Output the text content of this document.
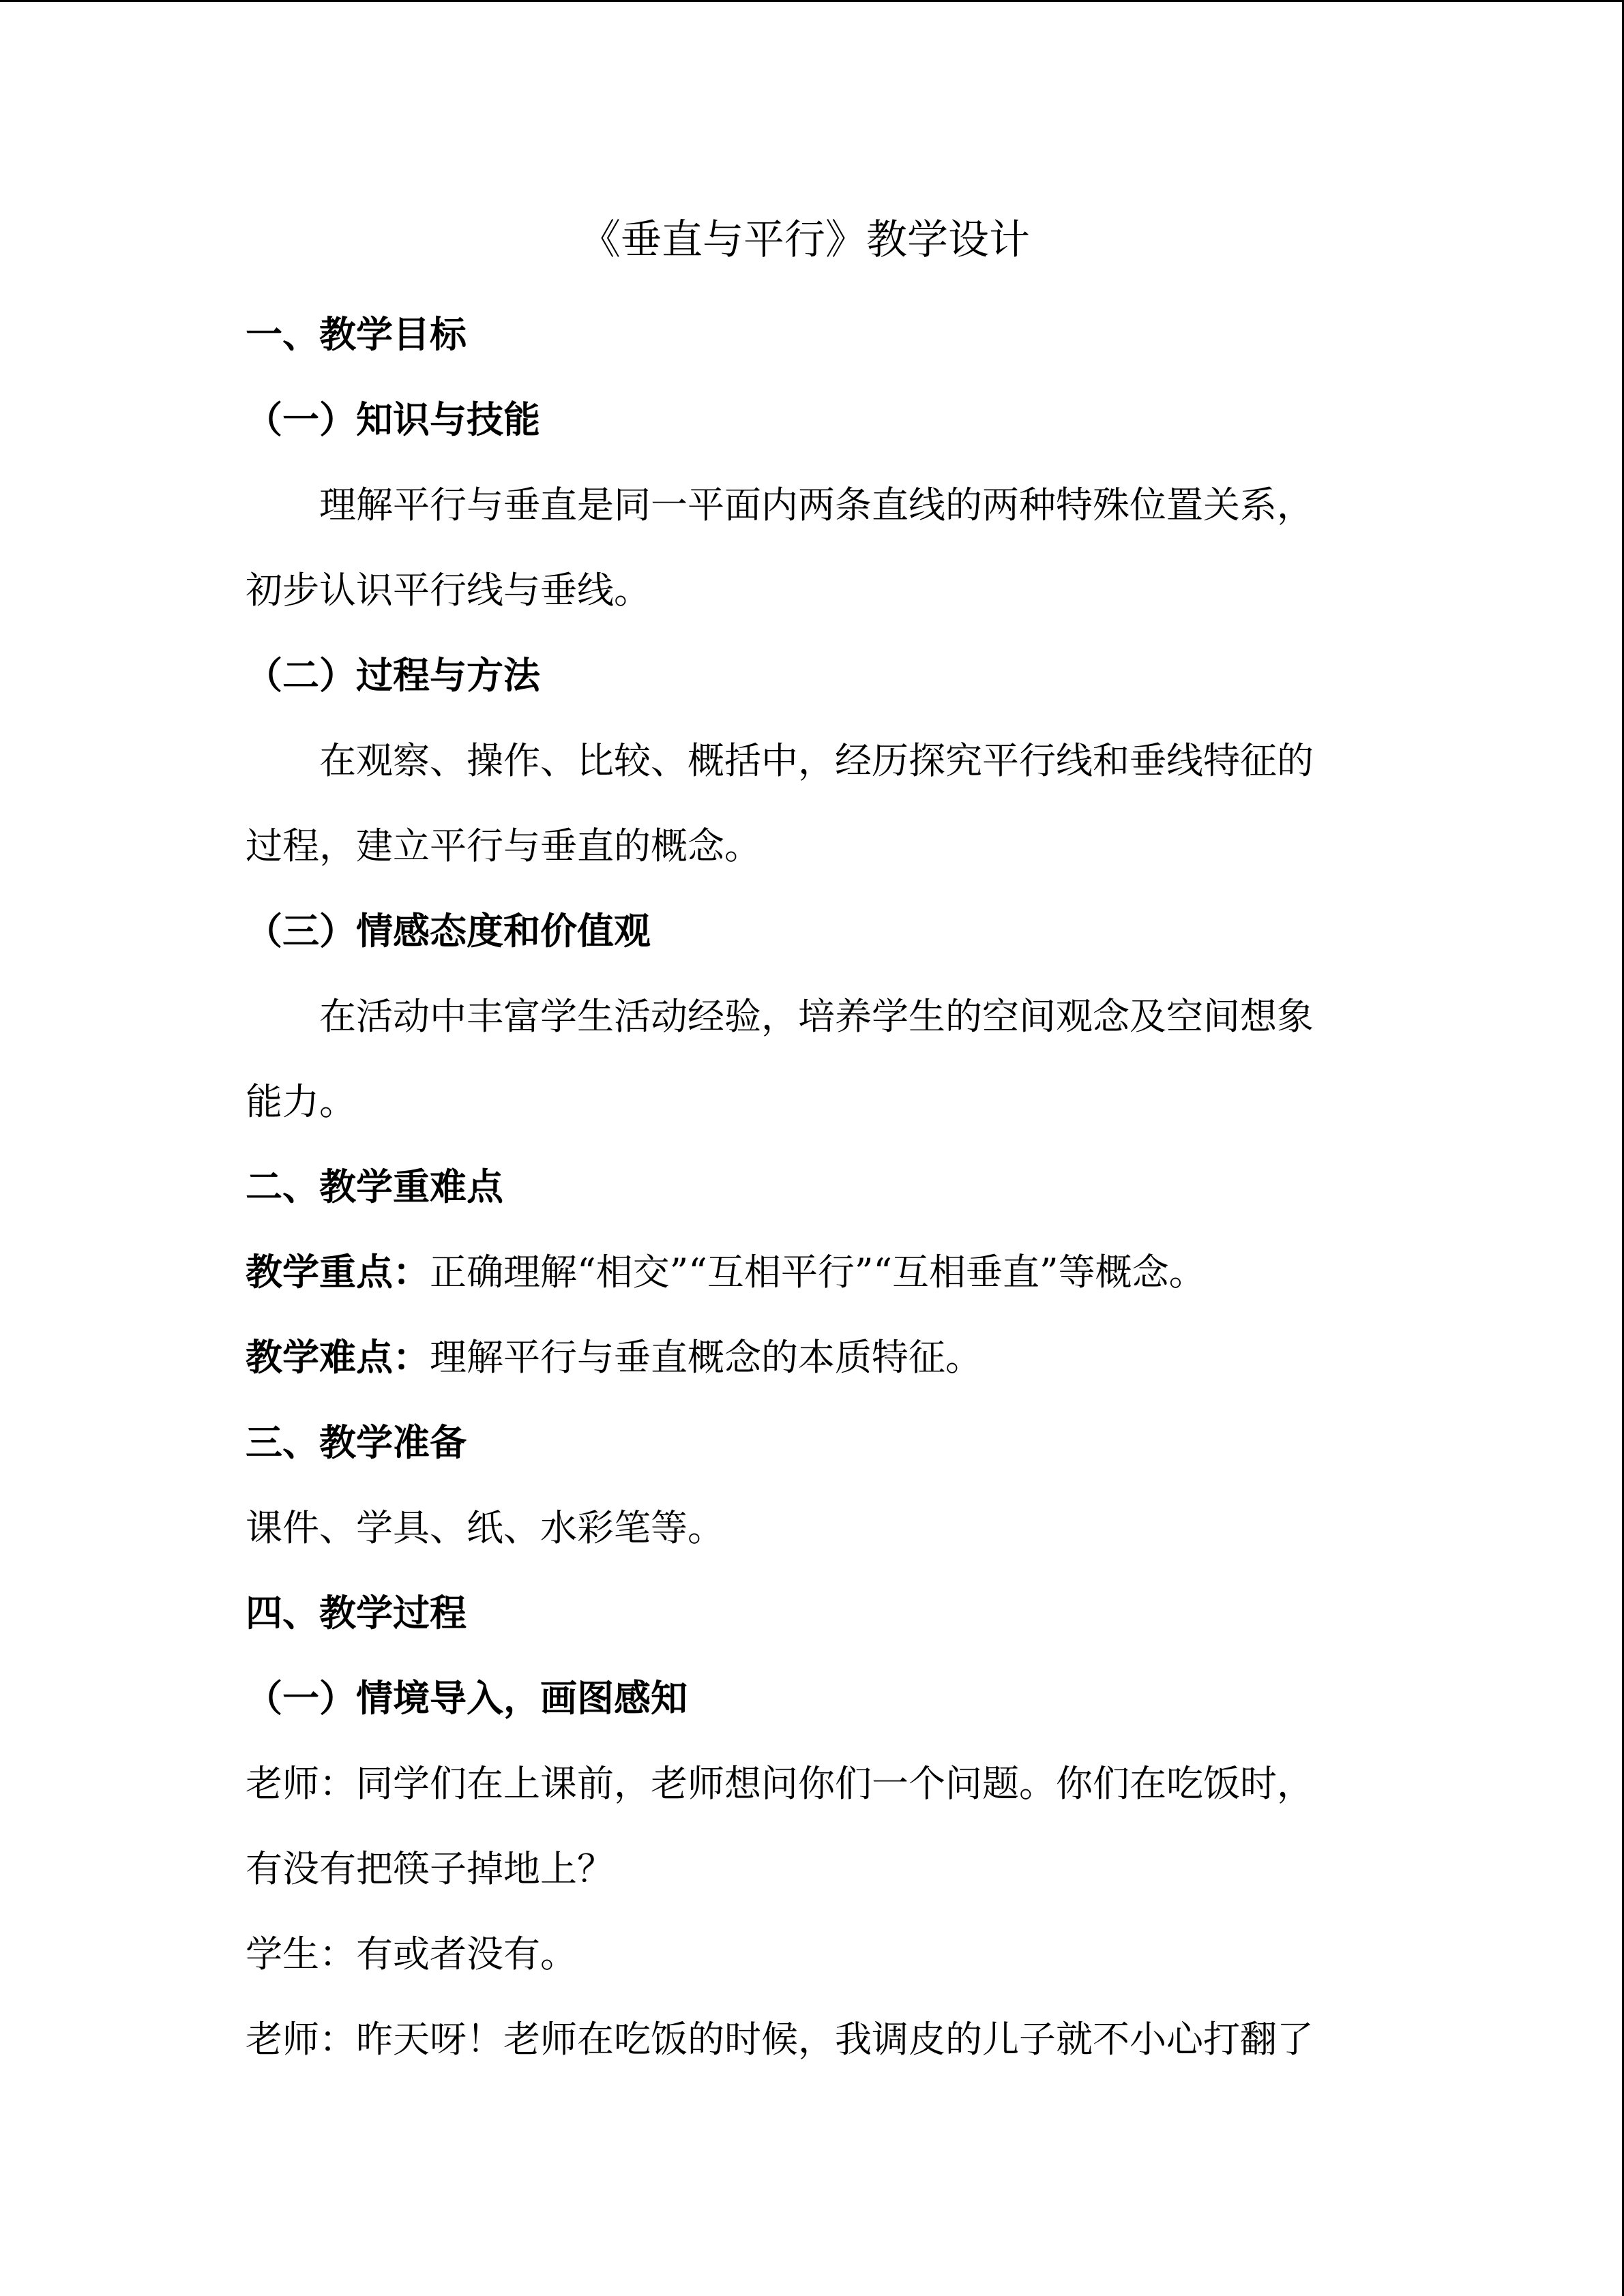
《垂直与平行》教学设计
一、教学目标
（一）知识与技能
理解平行与垂直是同一平面内两条直线的两种特殊位置关系，
初步认识平行线与垂线。
（二）过程与方法
在观察、操作、比较、概括中，经历探究平行线和垂线特征的
过程，建立平行与垂直的概念。
（三）情感态度和价值观
在活动中丰富学生活动经验，培养学生的空间观念及空间想象
能力。
二、教学重难点
教学重点：正确理解“相交”“互相平行”“互相垂直”等概念。
教学难点：理解平行与垂直概念的本质特征。
三、教学准备
课件、学具、纸、水彩笔等。
四、教学过程
（一）情境导入，画图感知
老师：同学们在上课前，老师想问你们一个问题。你们在吃饭时，
有没有把筷子掉地上？
学生：有或者没有。
老师：昨天呀！老师在吃饭的时候，我调皮的儿子就不小心打翻了
